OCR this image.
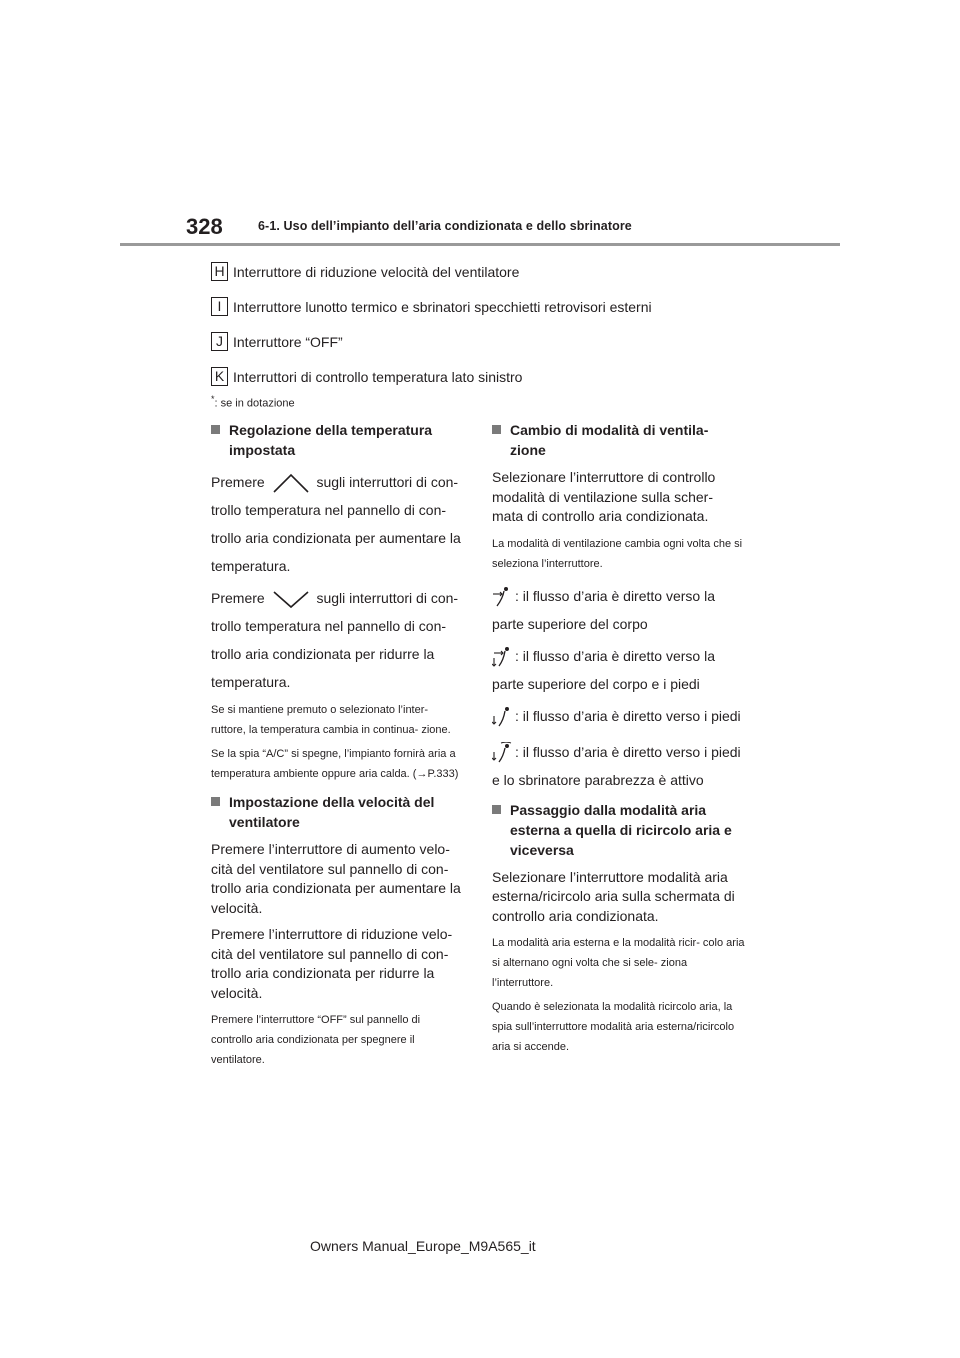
328	6-1. Uso dell’impianto dell’aria condizionata e dello sbrinatore
H Interruttore di riduzione velocità del ventilatore
I Interruttore lunotto termico e sbrinatori specchietti retrovisori esterni
J Interruttore “OFF”
K Interruttori di controllo temperatura lato sinistro
*: se in dotazione
Regolazione della temperatura impostata
Premere	sugli interruttori di con- trollo temperatura nel pannello di con- trollo aria condizionata per aumentare la temperatura.
Premere	sugli interruttori di con- trollo temperatura nel pannello di con- trollo aria condizionata per ridurre la temperatura.

Se si mantiene premuto o selezionato l’inter- ruttore, la temperatura cambia in continua- zione.

Se la spia “A/C” si spegne, l’impianto fornirà aria a temperatura ambiente oppure aria calda. (→P.333)

Impostazione della velocità del ventilatore

Premere l’interruttore di aumento velo- cità del ventilatore sul pannello di con- trollo aria condizionata per aumentare la velocità.

Premere l’interruttore di riduzione velo- cità del ventilatore sul pannello di con- trollo aria condizionata per ridurre la velocità.

Premere l’interruttore “OFF” sul pannello di controllo aria condizionata per spegnere il ventilatore.

Cambio di modalità di ventila- zione

Selezionare l’interruttore di controllo modalità di ventilazione sulla scher- mata di controllo aria condizionata.

La modalità di ventilazione cambia ogni volta che si seleziona l’interruttore.

: il flusso d’aria è diretto verso la
parte superiore del corpo
: il flusso d’aria è diretto verso la
parte superiore del corpo e i piedi
: il flusso d’aria è diretto verso i piedi
: il flusso d’aria è diretto verso i piedi
e lo sbrinatore parabrezza è attivo
Passaggio dalla modalità aria esterna a quella di ricircolo aria e viceversa

Selezionare l’interruttore modalità aria esterna/ricircolo aria sulla schermata di controllo aria condizionata.

La modalità aria esterna e la modalità ricir- colo aria si alternano ogni volta che si sele- ziona l’interruttore.

Quando è selezionata la modalità ricircolo aria, la spia sull’interruttore modalità aria esterna/ricircolo aria si accende.

Owners Manual_Europe_M9A565_it
